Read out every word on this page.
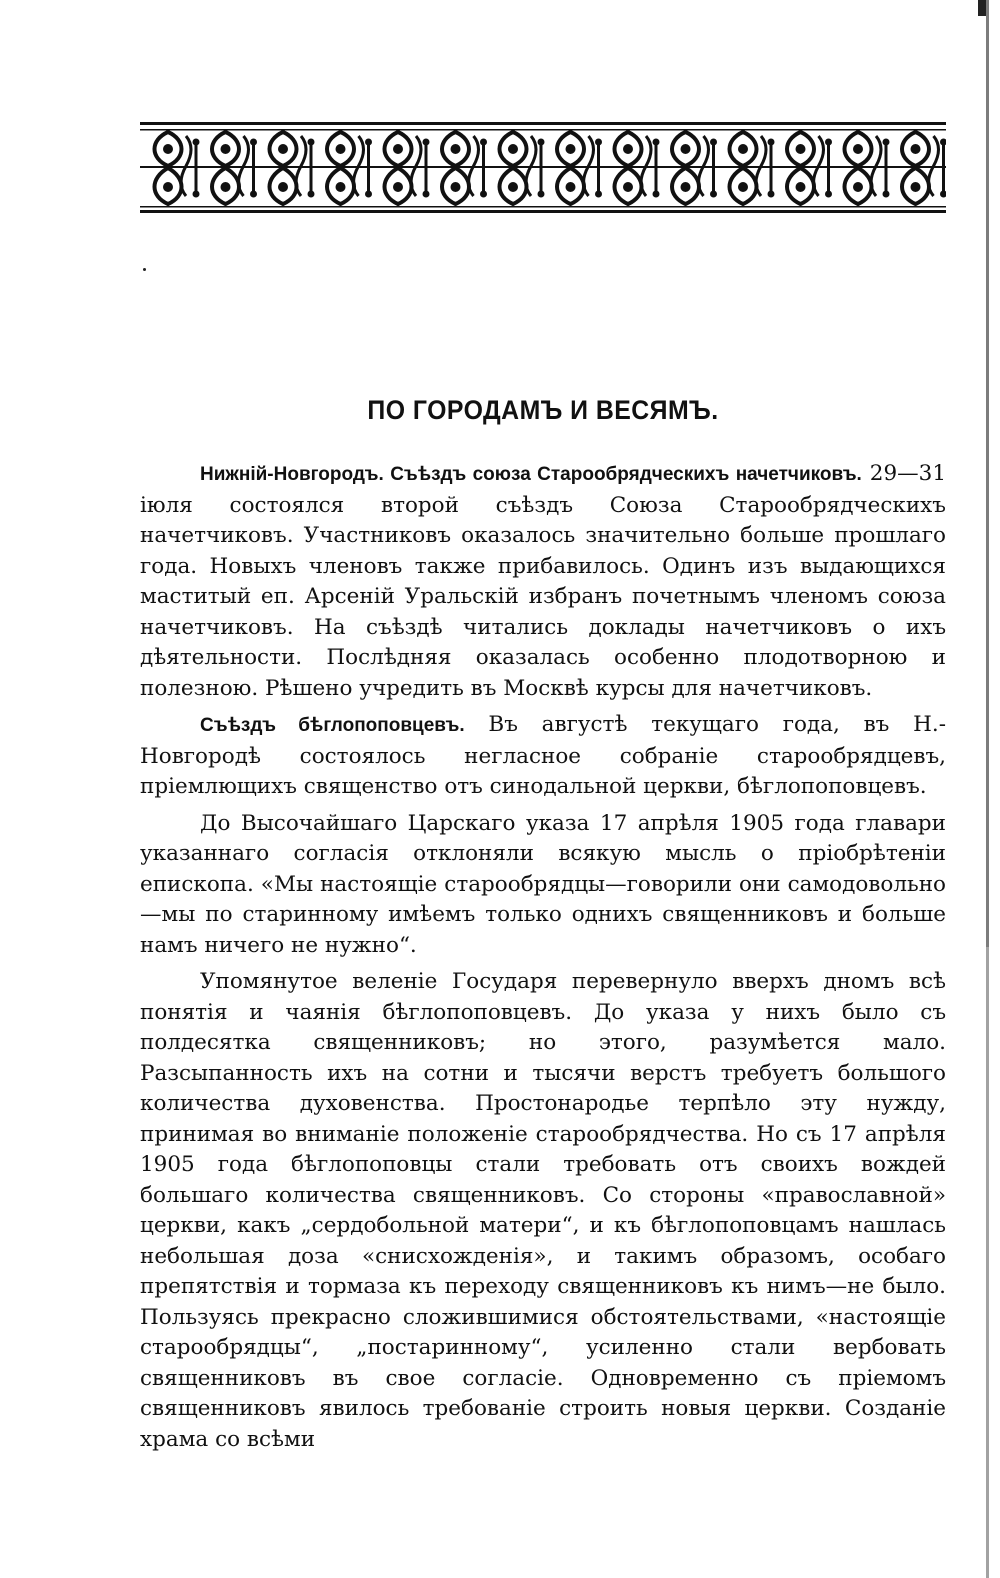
ПО ГОРОДАМЪ И ВЕСЯМЪ.

Нижній-Новгородъ. Съѣздъ союза Старообрядческихъ начетчиковъ. 29—31 іюля состоялся второй съѣздъ Союза Старообрядческихъ начетчиковъ. Участниковъ оказалось значительно больше прошлаго года. Новыхъ членовъ также прибавилось. Одинъ изъ выдающихся маститый еп. Арсеній Уральскій избранъ почетнымъ членомъ союза начетчиковъ. На съѣздѣ читались доклады начетчиковъ о ихъ дѣятельности. Послѣдняя оказалась особенно плодотворною и полезною. Рѣшено учредить въ Москвѣ курсы для начетчиковъ.

Съѣздъ бѣглопоповцевъ. Въ августѣ текущаго года, въ Н.-Новгородѣ состоялось негласное собраніе старообрядцевъ, пріемлющихъ священство отъ синодальной церкви, бѣглопоповцевъ.

До Высочайшаго Царскаго указа 17 апрѣля 1905 года главари указаннаго согласія отклоняли всякую мысль о пріобрѣтеніи епископа. «Мы настоящіе старообрядцы—говорили они самодовольно—мы по старинному имѣемъ только однихъ священниковъ и больше намъ ничего не нужно“.

Упомянутое веленіе Государя перевернуло вверхъ дномъ всѣ понятія и чаянія бѣглопоповцевъ. До указа у нихъ было съ полдесятка священниковъ; но этого, разумѣется мало. Разсыпанность ихъ на сотни и тысячи верстъ требуетъ большого количества духовенства. Простонародье терпѣло эту нужду, принимая во вниманіе положеніе старообрядчества. Но съ 17 апрѣля 1905 года бѣглопоповцы стали требовать отъ своихъ вождей большаго количества священниковъ. Со стороны «православной» церкви, какъ „сердобольной матери“, и къ бѣглопоповцамъ нашлась небольшая доза «снисхожденія», и такимъ образомъ, особаго препятствія и тормаза къ переходу священниковъ къ нимъ—не было. Пользуясь прекрасно сложившимися обстоятельствами, «настоящіе старообрядцы“, „постаринному“, усиленно стали вербовать священниковъ въ свое согласіе. Одновременно съ пріемомъ священниковъ явилось требованіе строить новыя церкви. Созданіе храма со всѣми
